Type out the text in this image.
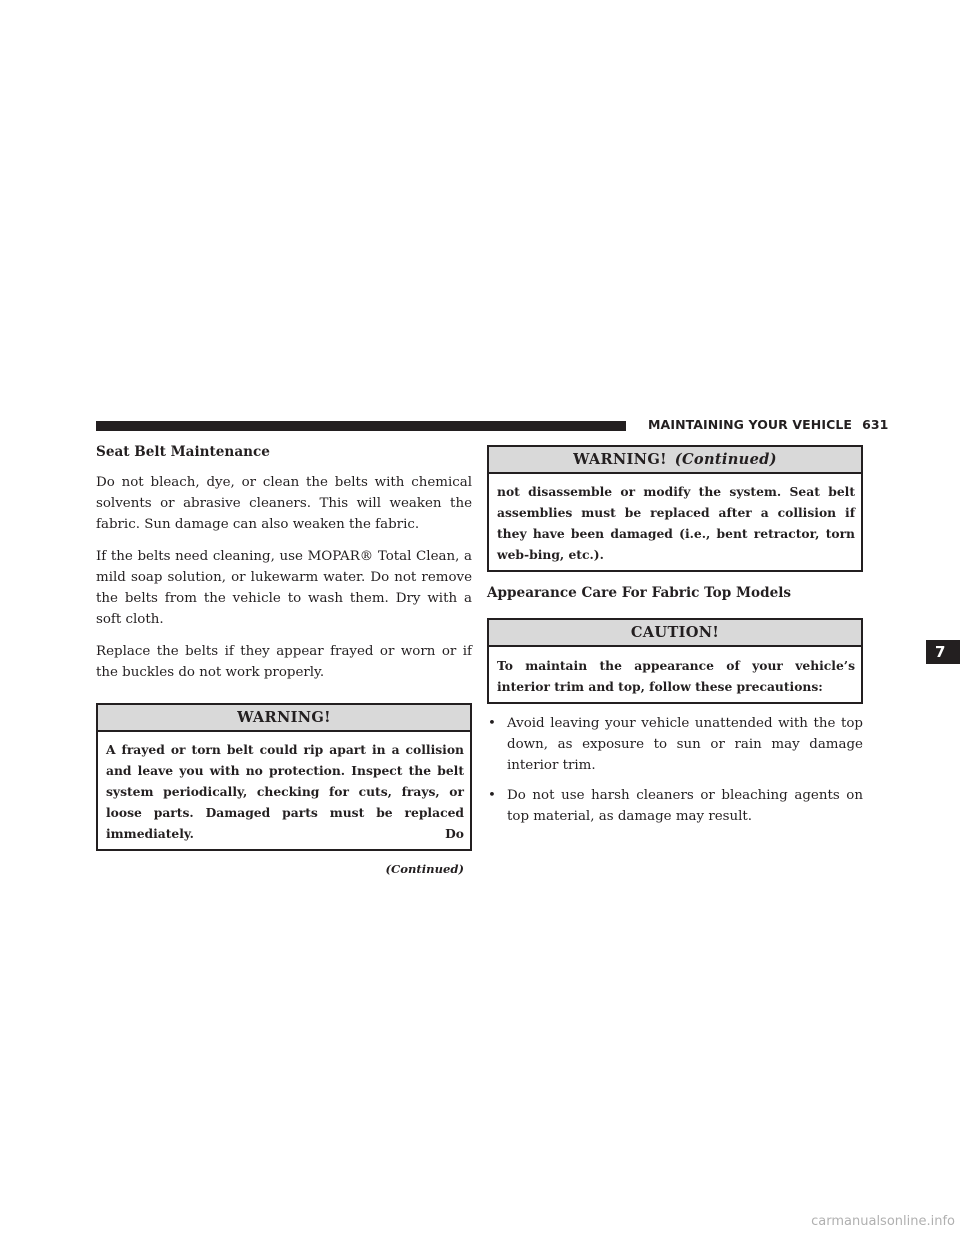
MAINTAINING YOUR VEHICLE 631
Seat Belt Maintenance

Do not bleach, dye, or clean the belts with chemical solvents or abrasive cleaners. This will weaken the fabric. Sun damage can also weaken the fabric.

If the belts need cleaning, use MOPAR® Total Clean, a mild soap solution, or lukewarm water. Do not remove the belts from the vehicle to wash them. Dry with a soft cloth.

Replace the belts if they appear frayed or worn or if the buckles do not work properly.

WARNING!
A frayed or torn belt could rip apart in a collision and leave you with no protection. Inspect the belt system periodically, checking for cuts, frays, or loose parts. Damaged parts must be replaced immediately. Do
(Continued)
WARNING! (Continued)
not disassemble or modify the system. Seat belt assemblies must be replaced after a collision if they have been damaged (i.e., bent retractor, torn web-bing, etc.).
Appearance Care For Fabric Top Models
CAUTION!
To maintain the appearance of your vehicle’s interior trim and top, follow these precautions:
• Avoid leaving your vehicle unattended with the top down, as exposure to sun or rain may damage interior trim.
• Do not use harsh cleaners or bleaching agents on top material, as damage may result.
7
carmanualsonline.info
